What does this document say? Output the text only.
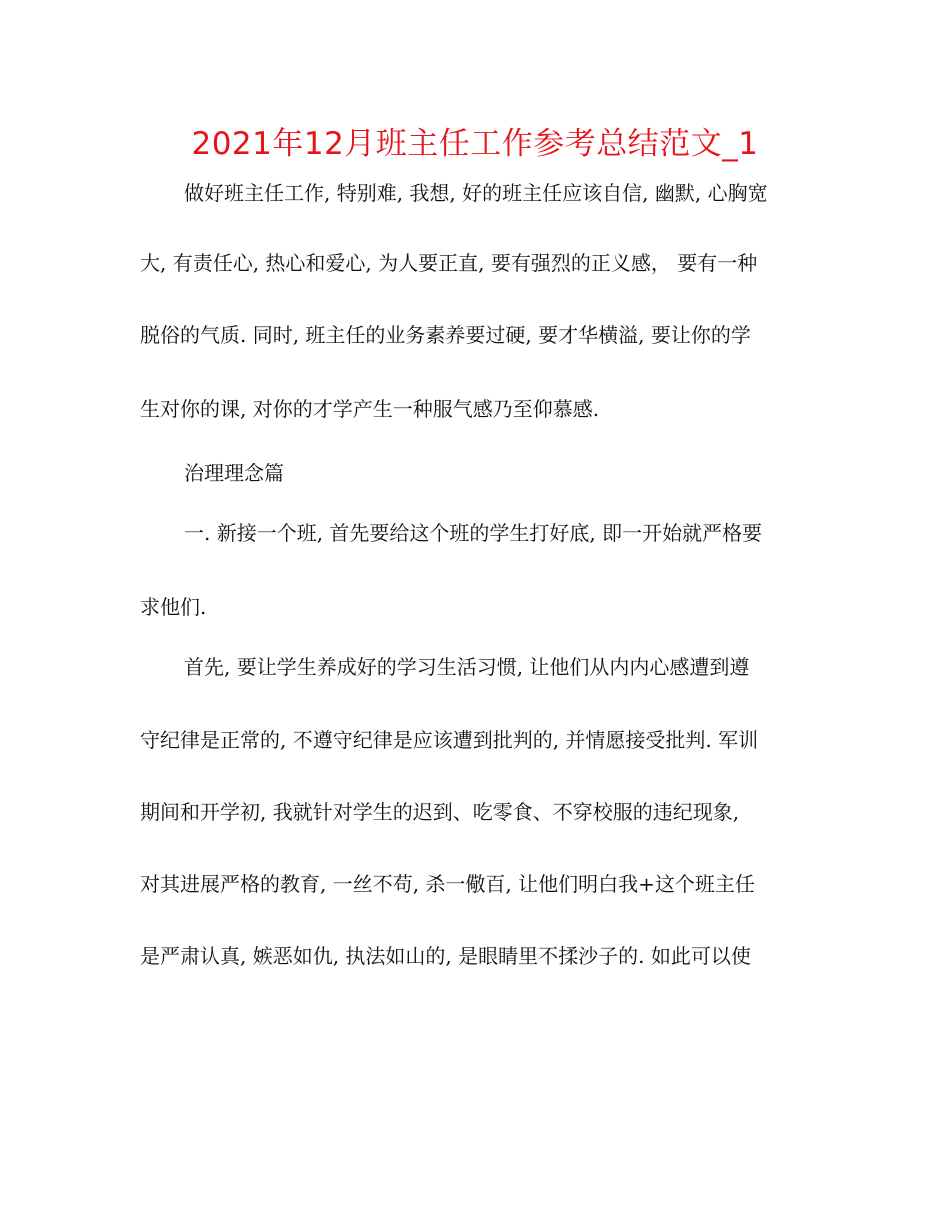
2021年12月班主任工作参考总结范文_1

做好班主任工作, 特别难, 我想, 好的班主任应该自信, 幽默, 心胸宽

大, 有责任心, 热心和爱心, 为人要正直, 要有强烈的正义感， 要有一种

脱俗的气质. 同时, 班主任的业务素养要过硬, 要才华横溢, 要让你的学

生对你的课, 对你的才学产生一种服气感乃至仰慕感.

治理理念篇

一. 新接一个班, 首先要给这个班的学生打好底, 即一开始就严格要

求他们.

首先, 要让学生养成好的学习生活习惯, 让他们从内内心感遭到遵

守纪律是正常的, 不遵守纪律是应该遭到批判的, 并情愿接受批判. 军训

期间和开学初, 我就针对学生的迟到、吃零食、不穿校服的违纪现象,

对其进展严格的教育, 一丝不苟, 杀一儆百, 让他们明白我+这个班主任

是严肃认真, 嫉恶如仇, 执法如山的, 是眼睛里不揉沙子的. 如此可以使
